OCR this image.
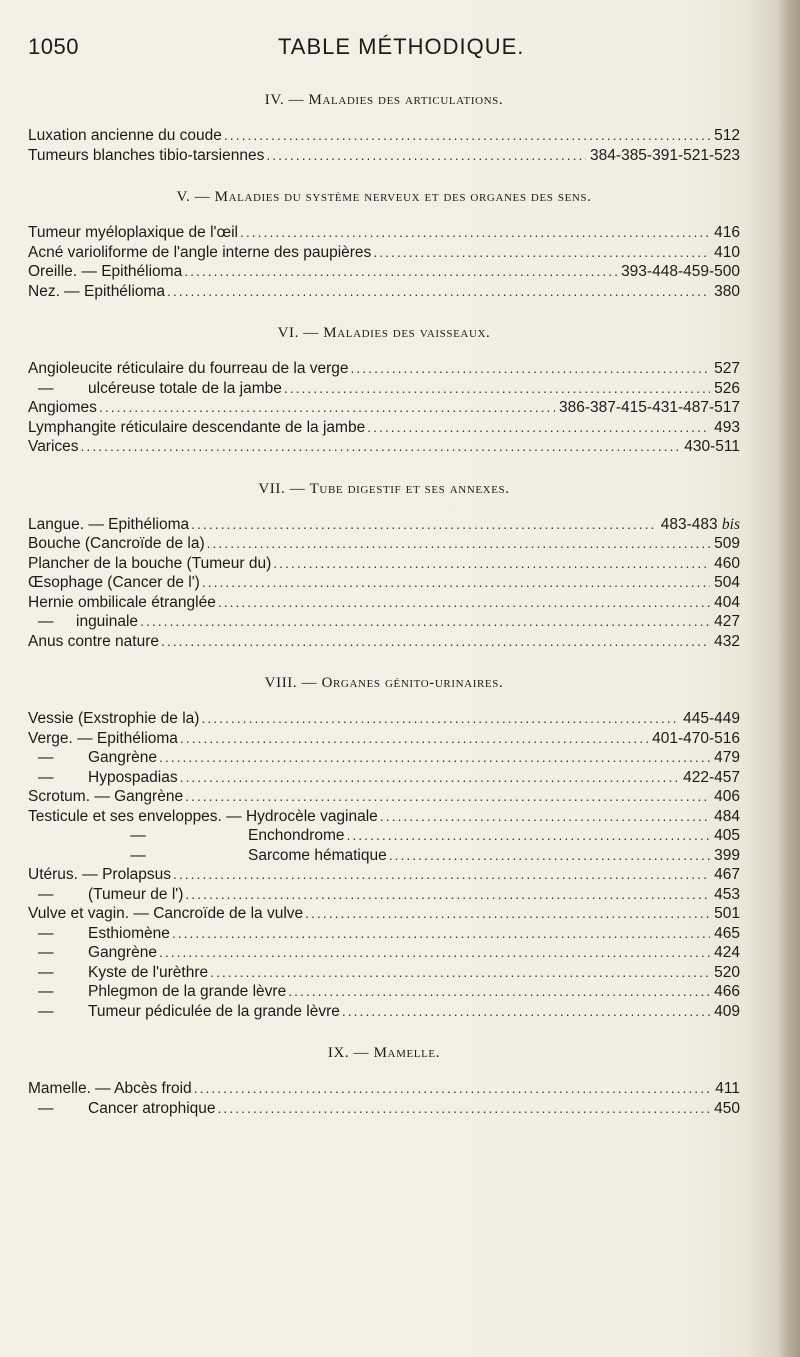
1050	TABLE MÉTHODIQUE.
IV. — Maladies des articulations.
Luxation ancienne du coude .....	512
Tumeurs blanches tibio-tarsiennes .....	384-385-391-521-523
V. — Maladies du système nerveux et des organes des sens.
Tumeur myéloplaxique de l'œil .....	416
Acné varioliforme de l'angle interne des paupières .....	410
Oreille. — Epithélioma .....	393-448-459-500
Nez. — Epithélioma .....	380
VI. — Maladies des vaisseaux.
Angioleucite réticulaire du fourreau de la verge .....	527
— ulcéreuse totale de la jambe .....	526
Angiomes .....	386-387-415-431-487-517
Lymphangite réticulaire descendante de la jambe .....	493
Varices .....	430-511
VII. — Tube digestif et ses annexes.
Langue. — Epithélioma .....	483-483 bis
Bouche (Cancroïde de la) .....	509
Plancher de la bouche (Tumeur du) .....	460
Œsophage (Cancer de l') .....	504
Hernie ombilicale étranglée .....	404
— inguinale .....	427
Anus contre nature .....	432
VIII. — Organes génito-urinaires.
Vessie (Exstrophie de la) .....	445-449
Verge. — Epithélioma .....	401-470-516
— Gangrène .....	479
— Hypospadias .....	422-457
Scrotum. — Gangrène .....	406
Testicule et ses enveloppes. — Hydrocèle vaginale .....	484
—	Enchondrome .....	405
—	Sarcome hématique .....	399
Utérus. — Prolapsus .....	467
— (Tumeur de l') .....	453
Vulve et vagin. — Cancroïde de la vulve .....	501
— Esthiomène .....	465
— Gangrène .....	424
— Kyste de l'urèthre .....	520
— Phlegmon de la grande lèvre .....	466
— Tumeur pédiculée de la grande lèvre .....	409
IX. — Mamelle.
Mamelle. — Abcès froid .....	411
— Cancer atrophique .....	450
